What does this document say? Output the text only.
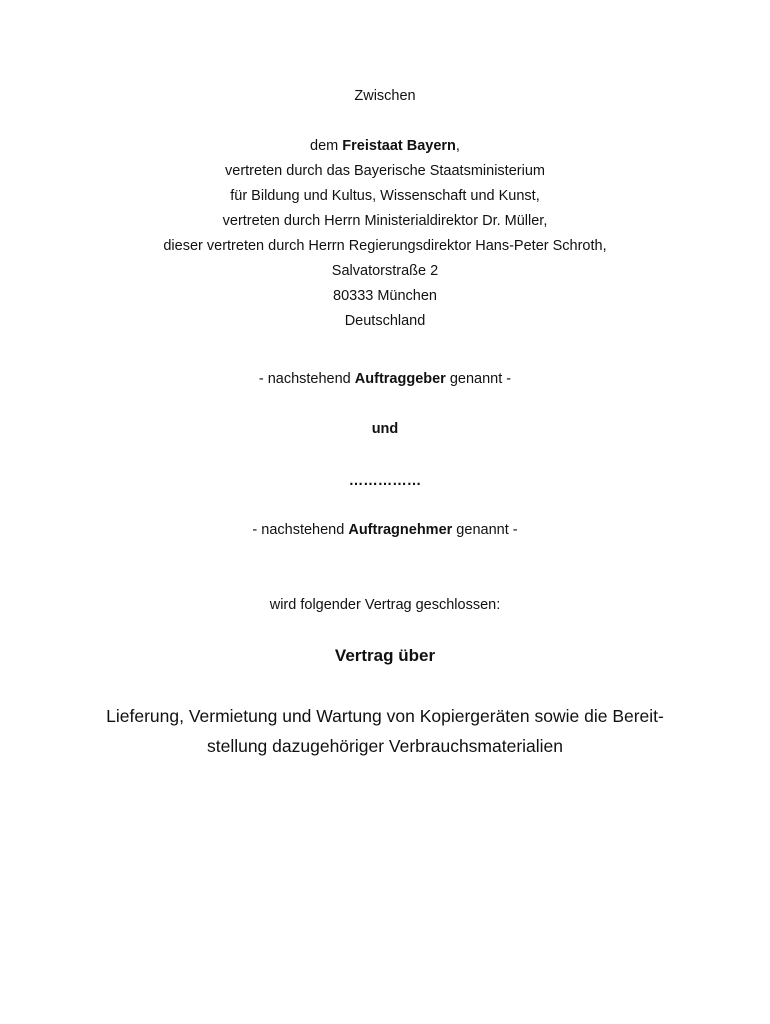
Zwischen
dem Freistaat Bayern,
vertreten durch das Bayerische Staatsministerium
für Bildung und Kultus, Wissenschaft und Kunst,
vertreten durch Herrn Ministerialdirektor Dr. Müller,
dieser vertreten durch Herrn Regierungsdirektor Hans-Peter Schroth,
Salvatorstraße 2
80333 München
Deutschland
- nachstehend Auftraggeber genannt -
und
……………
- nachstehend Auftragnehmer genannt -
wird folgender Vertrag geschlossen:
Vertrag über
Lieferung, Vermietung und Wartung von Kopiergeräten sowie die Bereit-
stellung dazugehöriger Verbrauchsmaterialien
